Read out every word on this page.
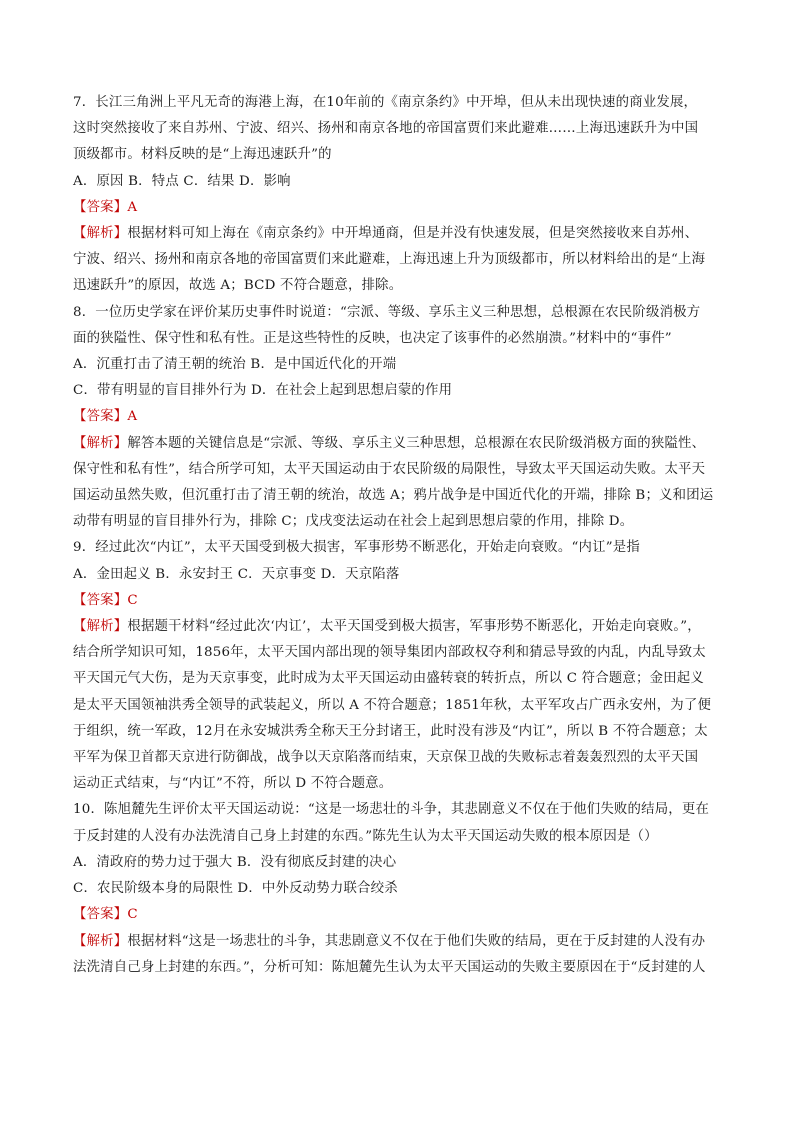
7．长江三角洲上平凡无奇的海港上海，在10年前的《南京条约》中开埠，但从未出现快速的商业发展，
这时突然接收了来自苏州、宁波、绍兴、扬州和南京各地的帝国富贾们来此避难……上海迅速跃升为中国
顶级都市。材料反映的是“上海迅速跃升”的
A．原因 B．特点 C．结果 D．影响
【答案】A
【解析】根据材料可知上海在《南京条约》中开埠通商，但是并没有快速发展，但是突然接收来自苏州、
宁波、绍兴、扬州和南京各地的帝国富贾们来此避难，上海迅速上升为顶级都市，所以材料给出的是“上海
迅速跃升”的原因，故选 A；BCD 不符合题意，排除。
8．一位历史学家在评价某历史事件时说道：“宗派、等级、享乐主义三种思想，总根源在农民阶级消极方
面的狭隘性、保守性和私有性。正是这些特性的反映，也决定了该事件的必然崩溃。”材料中的“事件”
A．沉重打击了清王朝的统治 B．是中国近代化的开端
C．带有明显的盲目排外行为 D．在社会上起到思想启蒙的作用
【答案】A
【解析】解答本题的关键信息是“宗派、等级、享乐主义三种思想，总根源在农民阶级消极方面的狭隘性、
保守性和私有性”，结合所学可知，太平天国运动由于农民阶级的局限性，导致太平天国运动失败。太平天
国运动虽然失败，但沉重打击了清王朝的统治，故选 A；鸦片战争是中国近代化的开端，排除 B；义和团运
动带有明显的盲目排外行为，排除 C；戊戌变法运动在社会上起到思想启蒙的作用，排除 D。
9．经过此次“内讧”，太平天国受到极大损害，军事形势不断恶化，开始走向衰败。“内讧”是指
A．金田起义 B．永安封王 C．天京事变 D．天京陷落
【答案】C
【解析】根据题干材料“经过此次‘内讧’，太平天国受到极大损害，军事形势不断恶化，开始走向衰败。”，
结合所学知识可知，1856年，太平天国内部出现的领导集团内部政权夺利和猜忌导致的内乱，内乱导致太
平天国元气大伤，是为天京事变，此时成为太平天国运动由盛转衰的转折点，所以 C 符合题意；金田起义
是太平天国领袖洪秀全领导的武装起义，所以 A 不符合题意；1851年秋，太平军攻占广西永安州，为了便
于组织，统一军政，12月在永安城洪秀全称天王分封诸王，此时没有涉及“内讧”，所以 B 不符合题意；太
平军为保卫首都天京进行防御战，战争以天京陷落而结束，天京保卫战的失败标志着轰轰烈烈的太平天国
运动正式结束，与“内讧”不符，所以 D 不符合题意。
10．陈旭麓先生评价太平天国运动说：“这是一场悲壮的斗争，其悲剧意义不仅在于他们失败的结局，更在
于反封建的人没有办法洗清自己身上封建的东西。”陈先生认为太平天国运动失败的根本原因是（）
A．清政府的势力过于强大 B．没有彻底反封建的决心
C．农民阶级本身的局限性 D．中外反动势力联合绞杀
【答案】C
【解析】根据材料“这是一场悲壮的斗争，其悲剧意义不仅在于他们失败的结局，更在于反封建的人没有办
法洗清自己身上封建的东西。”，分析可知：陈旭麓先生认为太平天国运动的失败主要原因在于“反封建的人
